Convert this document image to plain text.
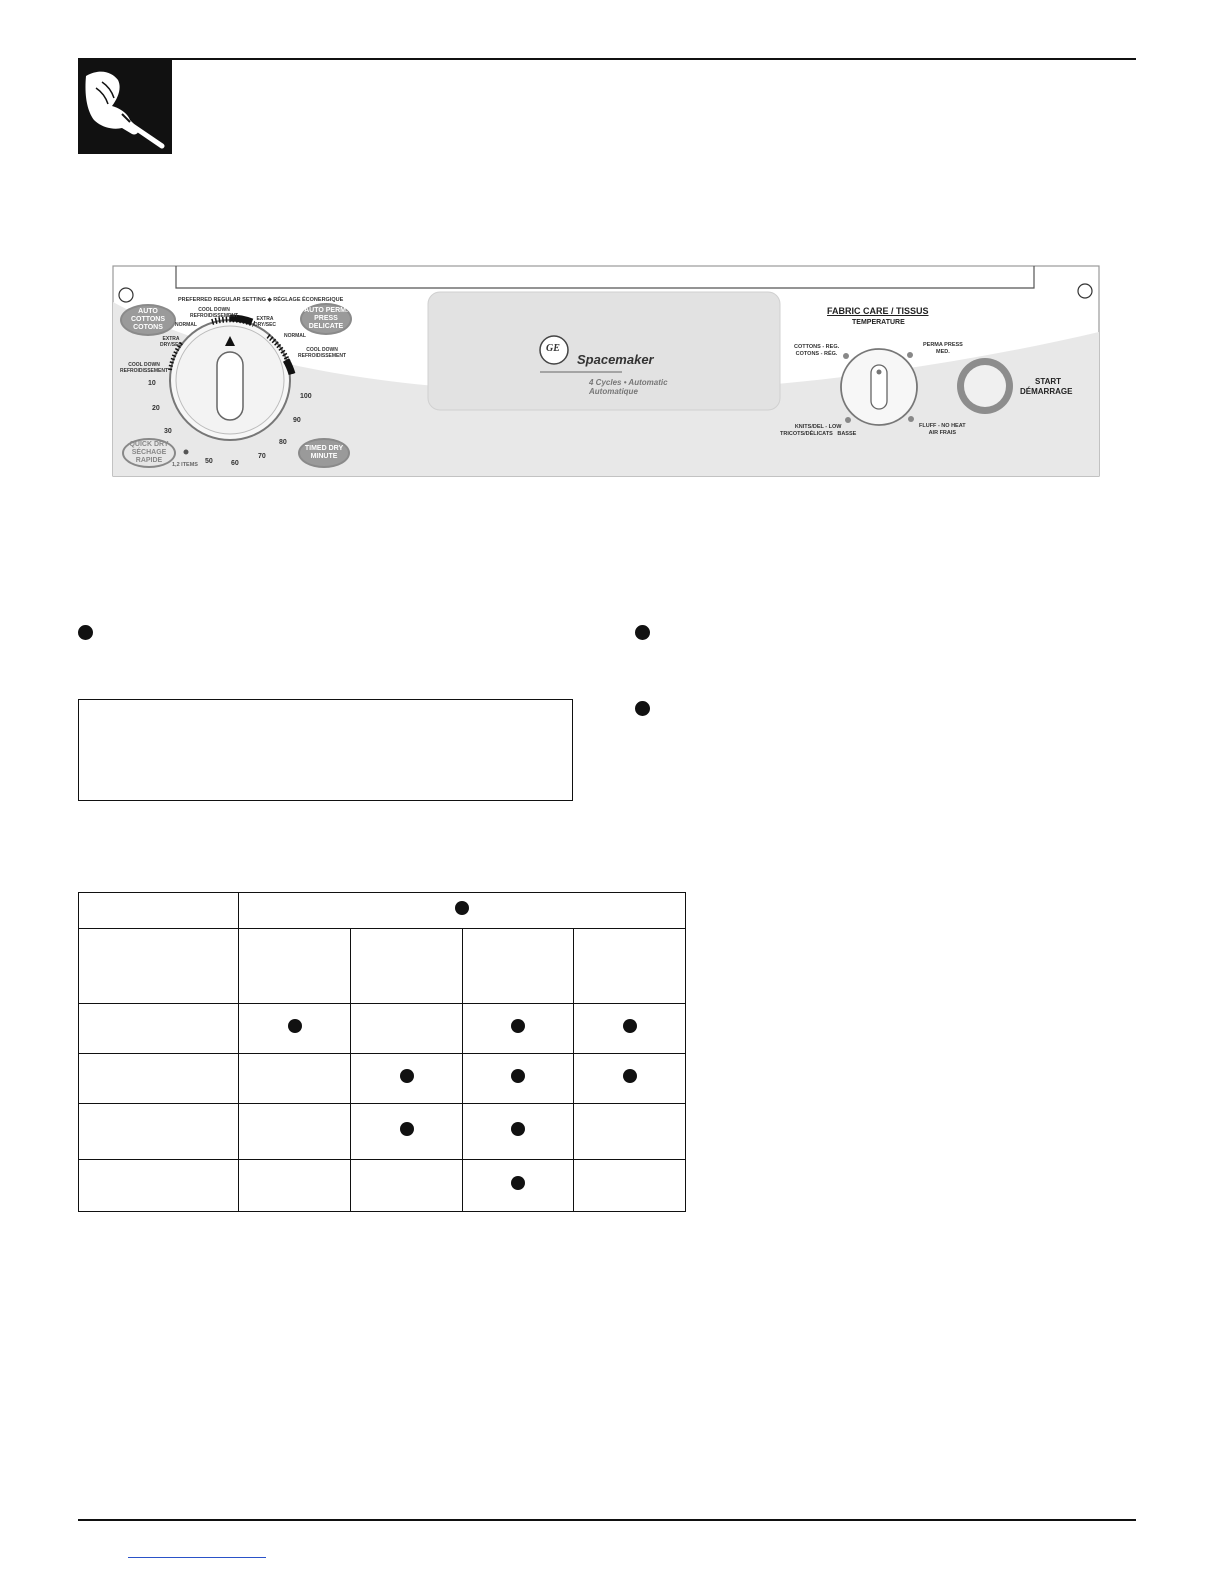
PREFERRED REGULAR SETTING ◆ RÉGLAGE ÉCONERGIQUE
AUTO
COTTONS
COTONS
AUTO PERM.
PRESS
DELICATE
QUICK DRY
SÉCHAGE
RAPIDE
TIMED DRY
MINUTE
COOL DOWN
REFROIDISSEMENT	EXTRA
DRY/SEC
NORMAL
EXTRA
DRY/SEC
NORMAL
COOL DOWN
REFROIDISSEMENT
COOL DOWN
REFROIDISSEMENT
1,2 ITEMS
10
20
30
50	60
70
80
90
100
GE
Spacemaker
4 Cycles • Automatic
Automatique
FABRIC CARE / TISSUS
TEMPERATURE
COTTONS - REG.
COTONS - RÉG.
PERMA PRESS
MED.
KNITS/DEL - LOW
TRICOTS/DÉLICATS   BASSE
FLUFF - NO HEAT
AIR FRAIS
START
DÉMARRAGE
